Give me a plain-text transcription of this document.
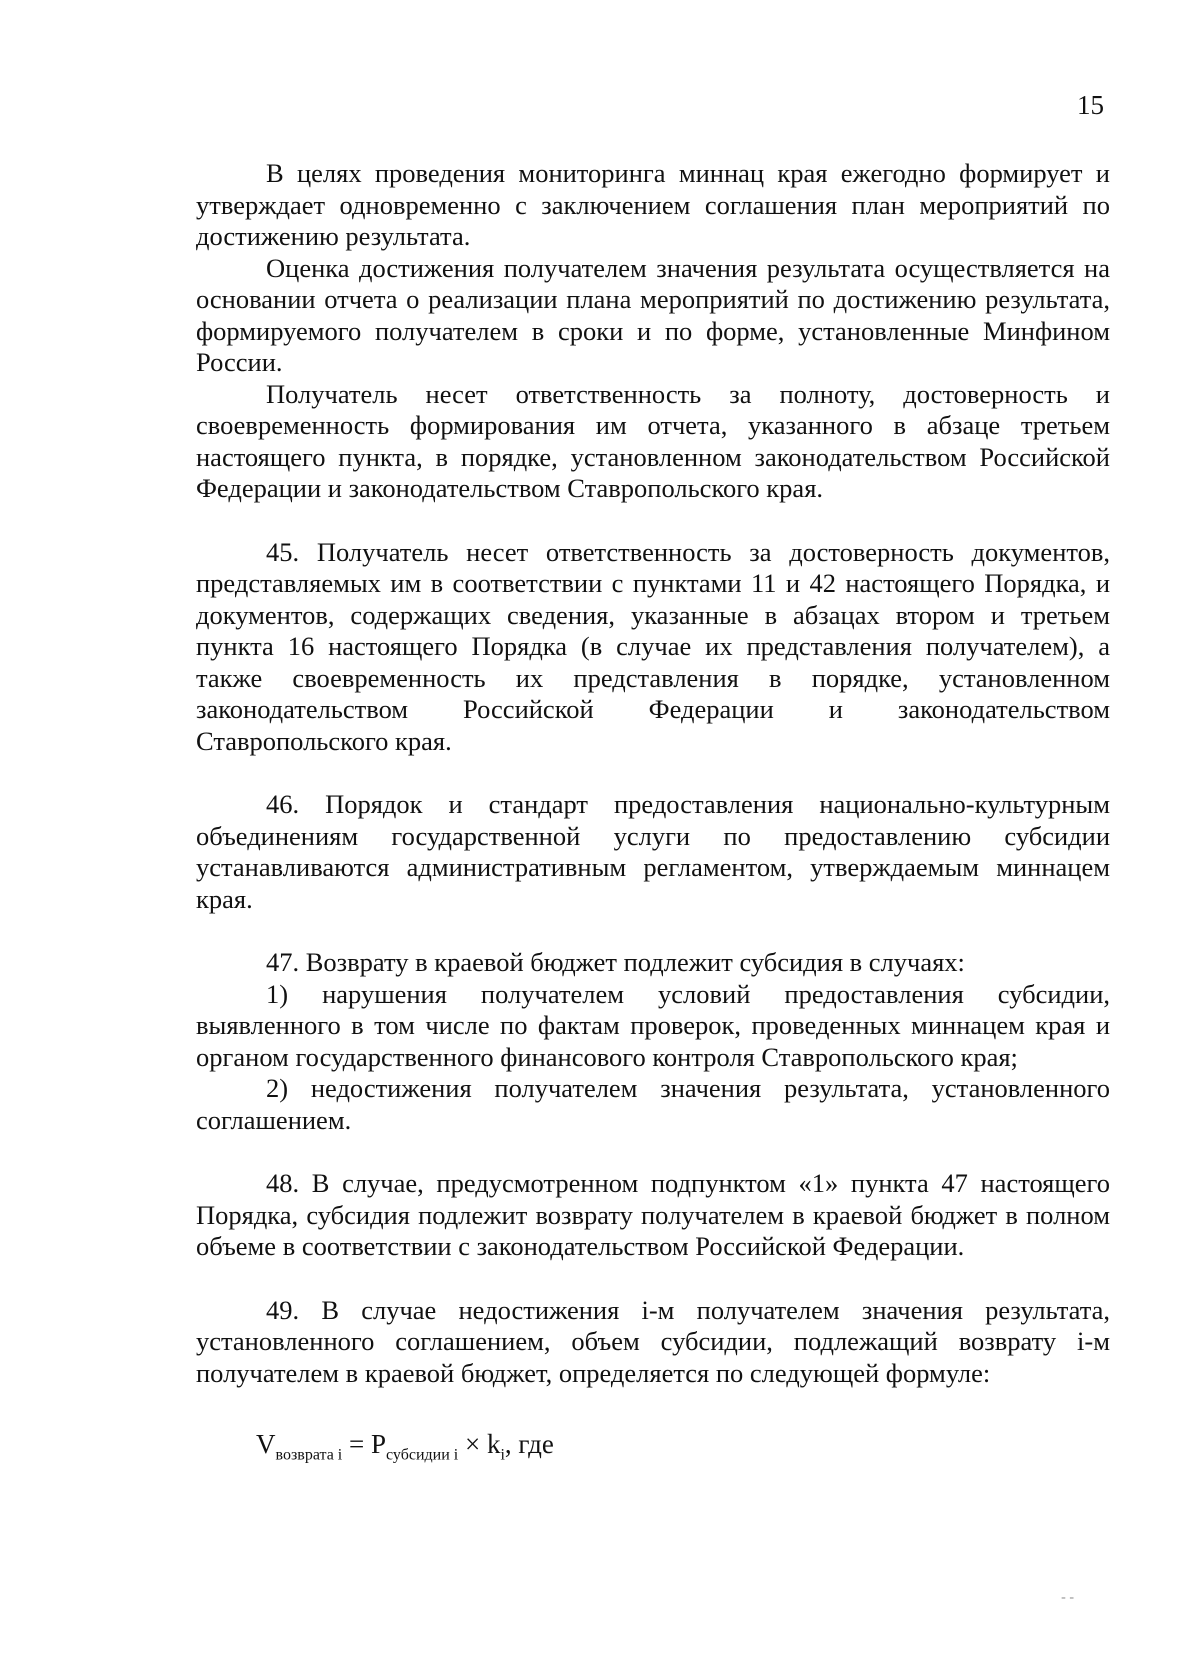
15

В целях проведения мониторинга миннац края ежегодно формирует и утверждает одновременно с заключением соглашения план мероприятий по достижению результата.

Оценка достижения получателем значения результата осуществляется на основании отчета о реализации плана мероприятий по достижению результата, формируемого получателем в сроки и по форме, установленные Минфином России.

Получатель несет ответственность за полноту, достоверность и своевременность формирования им отчета, указанного в абзаце третьем настоящего пункта, в порядке, установленном законодательством Российской Федерации и законодательством Ставропольского края.

45. Получатель несет ответственность за достоверность документов, представляемых им в соответствии с пунктами 11 и 42 настоящего Порядка, и документов, содержащих сведения, указанные в абзацах втором и третьем пункта 16 настоящего Порядка (в случае их представления получателем), а также своевременность их представления в порядке, установленном законодательством Российской Федерации и законодательством Ставропольского края.

46. Порядок и стандарт предоставления национально-культурным объединениям государственной услуги по предоставлению субсидии устанавливаются административным регламентом, утверждаемым миннацем края.

47. Возврату в краевой бюджет подлежит субсидия в случаях:

1) нарушения получателем условий предоставления субсидии, выявленного в том числе по фактам проверок, проведенных миннацем края и органом государственного финансового контроля Ставропольского края;

2) недостижения получателем значения результата, установленного соглашением.

48. В случае, предусмотренном подпунктом «1» пункта 47 настоящего Порядка, субсидия подлежит возврату получателем в краевой бюджет в полном объеме в соответствии с законодательством Российской Федерации.

49. В случае недостижения i-м получателем значения результата, установленного соглашением, объем субсидии, подлежащий возврату i-м получателем в краевой бюджет, определяется по следующей формуле:

$V_{возврата i} = P_{субсидии i} \times k_i$, где

- -
